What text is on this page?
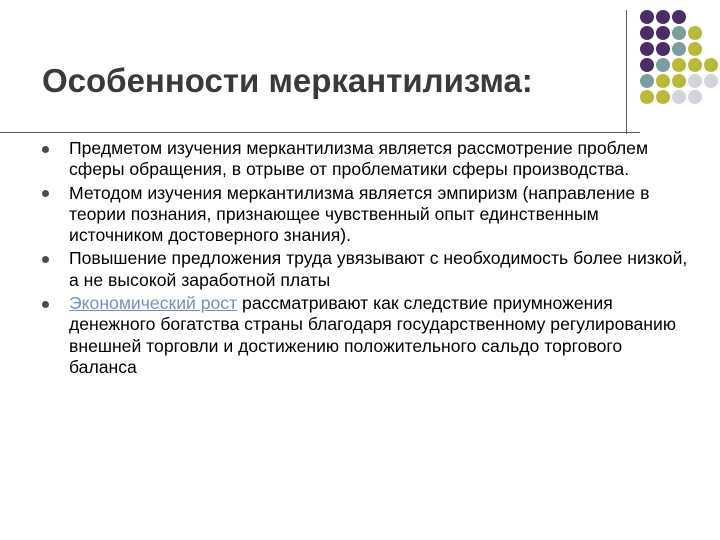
Особенности меркантилизма:
Предметом изучения меркантилизма является рассмотрение проблем сферы обращения, в отрыве от проблематики сферы производства.
Методом изучения меркантилизма является эмпиризм (направление в теории познания, признающее чувственный опыт единственным источником достоверного знания).
Повышение предложения труда увязывают с необходимость более низкой, а не высокой заработной платы
Экономический рост рассматривают как следствие приумножения денежного богатства страны благодаря государственному регулированию внешней торговли и достижению положительного сальдо торгового баланса
